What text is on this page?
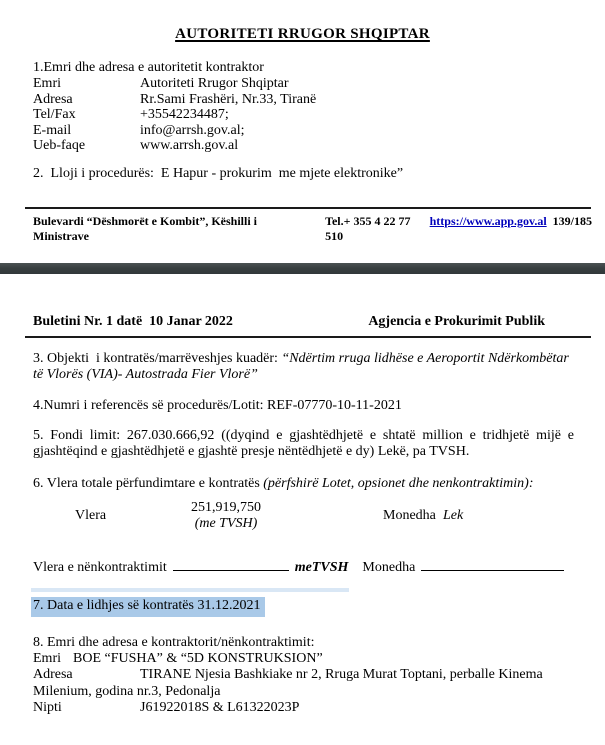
AUTORITETI RRUGOR SHQIPTAR
1.Emri dhe adresa e autoritetit kontraktor
Emri	Autoriteti Rrugor Shqiptar
Adresa	Rr.Sami Frashëri, Nr.33, Tiranë
Tel/Fax	+35542234487;
E-mail	info@arrsh.gov.al;
Ueb-faqe	www.arrsh.gov.al
2.  Lloji i procedurës:  E Hapur - prokurim  me mjete elektronike”
Bulevardi “Dëshmorët e Kombit”, Këshilli i Ministrave
Tel.+ 355 4 22 77 510
https://www.app.gov.al 139/185
Buletini Nr. 1 datë  10 Janar 2022	Agjencia e Prokurimit Publik
3. Objekti  i kontratës/marrëveshjes kuadër: “Ndërtim rruga lidhëse e Aeroportit Ndërkombëtar të Vlorës (VIA)- Autostrada Fier Vlorë”
4.Numri i referencës së procedurës/Lotit: REF-07770-10-11-2021
5. Fondi limit: 267.030.666,92 ((dyqind e gjashtëdhjetë e shtatë million e tridhjetë mijë e gjashtëqind e gjashtëdhjetë e gjashtë presje nëntëdhjetë e dy) Lekë, pa TVSH.
6. Vlera totale përfundimtare e kontratës (përfshirë Lotet, opsionet dhe nenkontraktimin):
Vlera
251,919,750
(me TVSH)
Monedha Lek
Vlera e nënkontraktimit	meTVSH Monedha
7. Data e lidhjes së kontratës 31.12.2021
8. Emri dhe adresa e kontraktorit/nënkontraktimit:
Emri BOE “FUSHA” & “5D KONSTRUKSION”
Adresa	TIRANE Njesia Bashkiake nr 2, Rruga Murat Toptani, perballe Kinema Milenium, godina nr.3, Pedonalja
Nipti	J61922018S & L61322023P
